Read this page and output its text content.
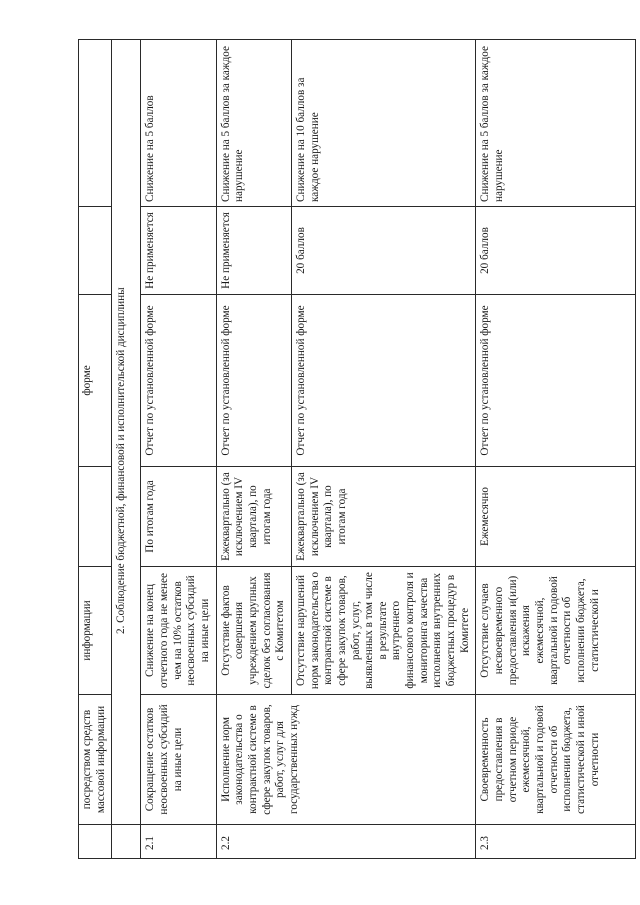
	посредством средств массовой информации	информации		форме		
	2. Соблюдение бюджетной, финансовой и исполнительской дисциплины					
2.1	Сокращение остатков неосвоенных субсидий на иные цели	Снижение на конец отчетного года не менее чем на 10% остатков неосвоенных субсидий на иные цели	По итогам года	Отчет по установленной форме	Не применяется	Снижение на 5 баллов
2.2	Исполнение норм законодательства о контрактной системе в сфере закупок товаров, работ, услуг для государственных нужд	Отсутствие фактов совершения учреждением крупных сделок без согласования с Комитетом	Ежеквартально (за исключением IV квартала), по итогам года	Отчет по установленной форме	Не применяется	Снижение на 5 баллов за каждое нарушение
		Отсутствие нарушений норм законодательства о контрактной системе в сфере закупок товаров, работ, услуг, выявленных в том числе в результате внутреннего финансового контроля и мониторинга качества исполнения внутренних бюджетных процедур в Комитете	Ежеквартально (за исключением IV квартала), по итогам года	Отчет по установленной форме	20 баллов	Снижение на 10 баллов за каждое нарушение
2.3	Своевременность предоставления в отчетном периоде ежемесячной, квартальной и годовой отчетности об исполнении бюджета, статистической и иной отчетности	Отсутствие случаев несвоевременного предоставления и(или) искажения ежемесячной, квартальной и годовой отчетности об исполнении бюджета, статистической и	Ежемесячно	Отчет по установленной форме	20 баллов	Снижение на 5 баллов за каждое нарушение
